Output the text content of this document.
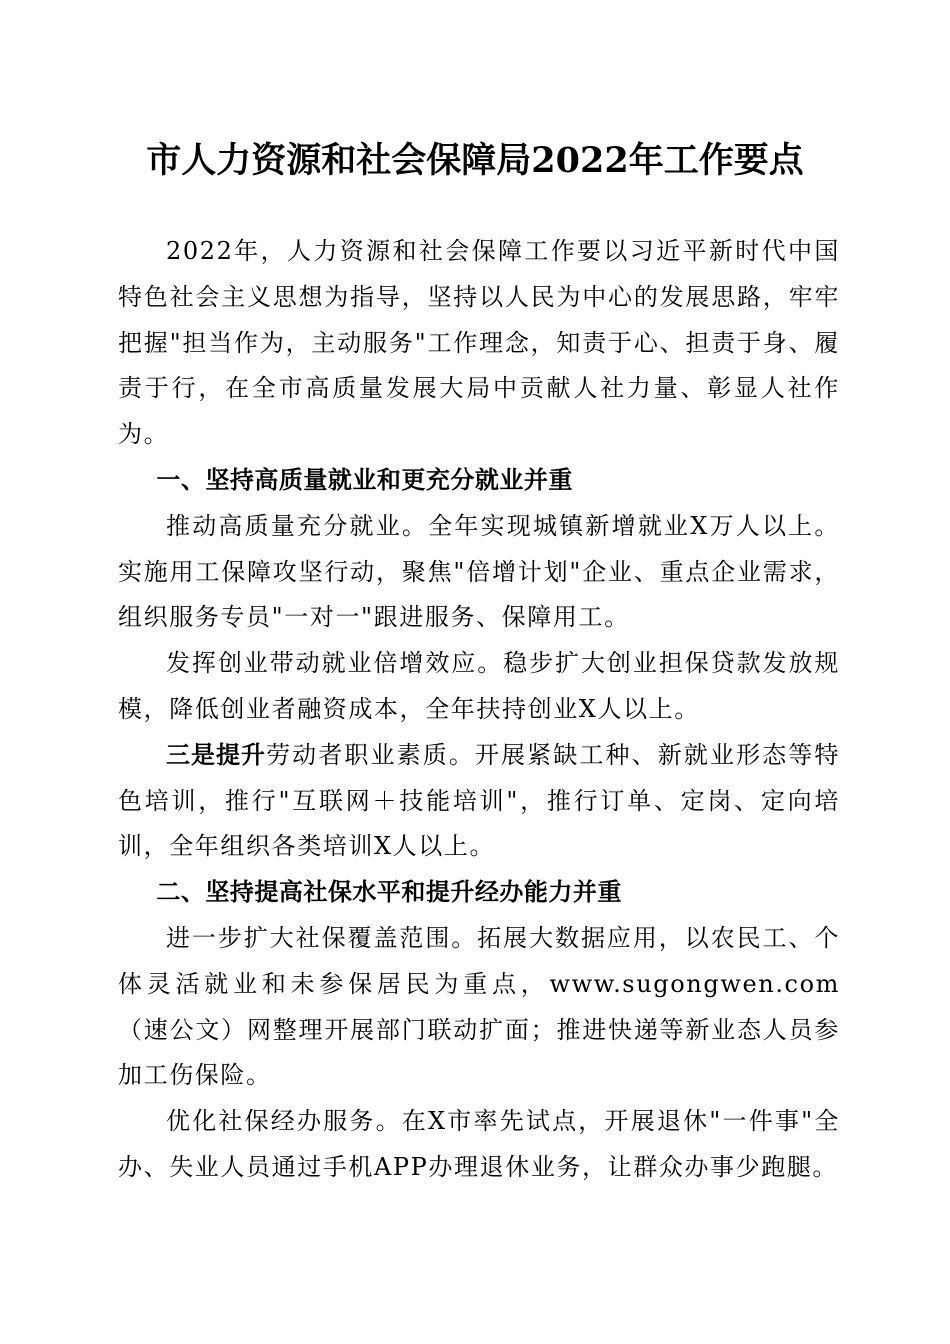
市人力资源和社会保障局2022年工作要点

2022年，人力资源和社会保障工作要以习近平新时代中国特色社会主义思想为指导，坚持以人民为中心的发展思路，牢牢把握"担当作为，主动服务"工作理念，知责于心、担责于身、履责于行，在全市高质量发展大局中贡献人社力量、彰显人社作为。

一、坚持高质量就业和更充分就业并重

推动高质量充分就业。全年实现城镇新增就业X万人以上。实施用工保障攻坚行动，聚焦"倍增计划"企业、重点企业需求，组织服务专员"一对一"跟进服务、保障用工。

发挥创业带动就业倍增效应。稳步扩大创业担保贷款发放规模，降低创业者融资成本，全年扶持创业X人以上。

三是提升劳动者职业素质。开展紧缺工种、新就业形态等特色培训，推行"互联网＋技能培训"，推行订单、定岗、定向培训，全年组织各类培训X人以上。

二、坚持提高社保水平和提升经办能力并重

进一步扩大社保覆盖范围。拓展大数据应用，以农民工、个体灵活就业和未参保居民为重点，www.sugongwen.com（速公文）网整理开展部门联动扩面；推进快递等新业态人员参加工伤保险。

优化社保经办服务。在X市率先试点，开展退休"一件事"全办、失业人员通过手机APP办理退休业务，让群众办事少跑腿。
